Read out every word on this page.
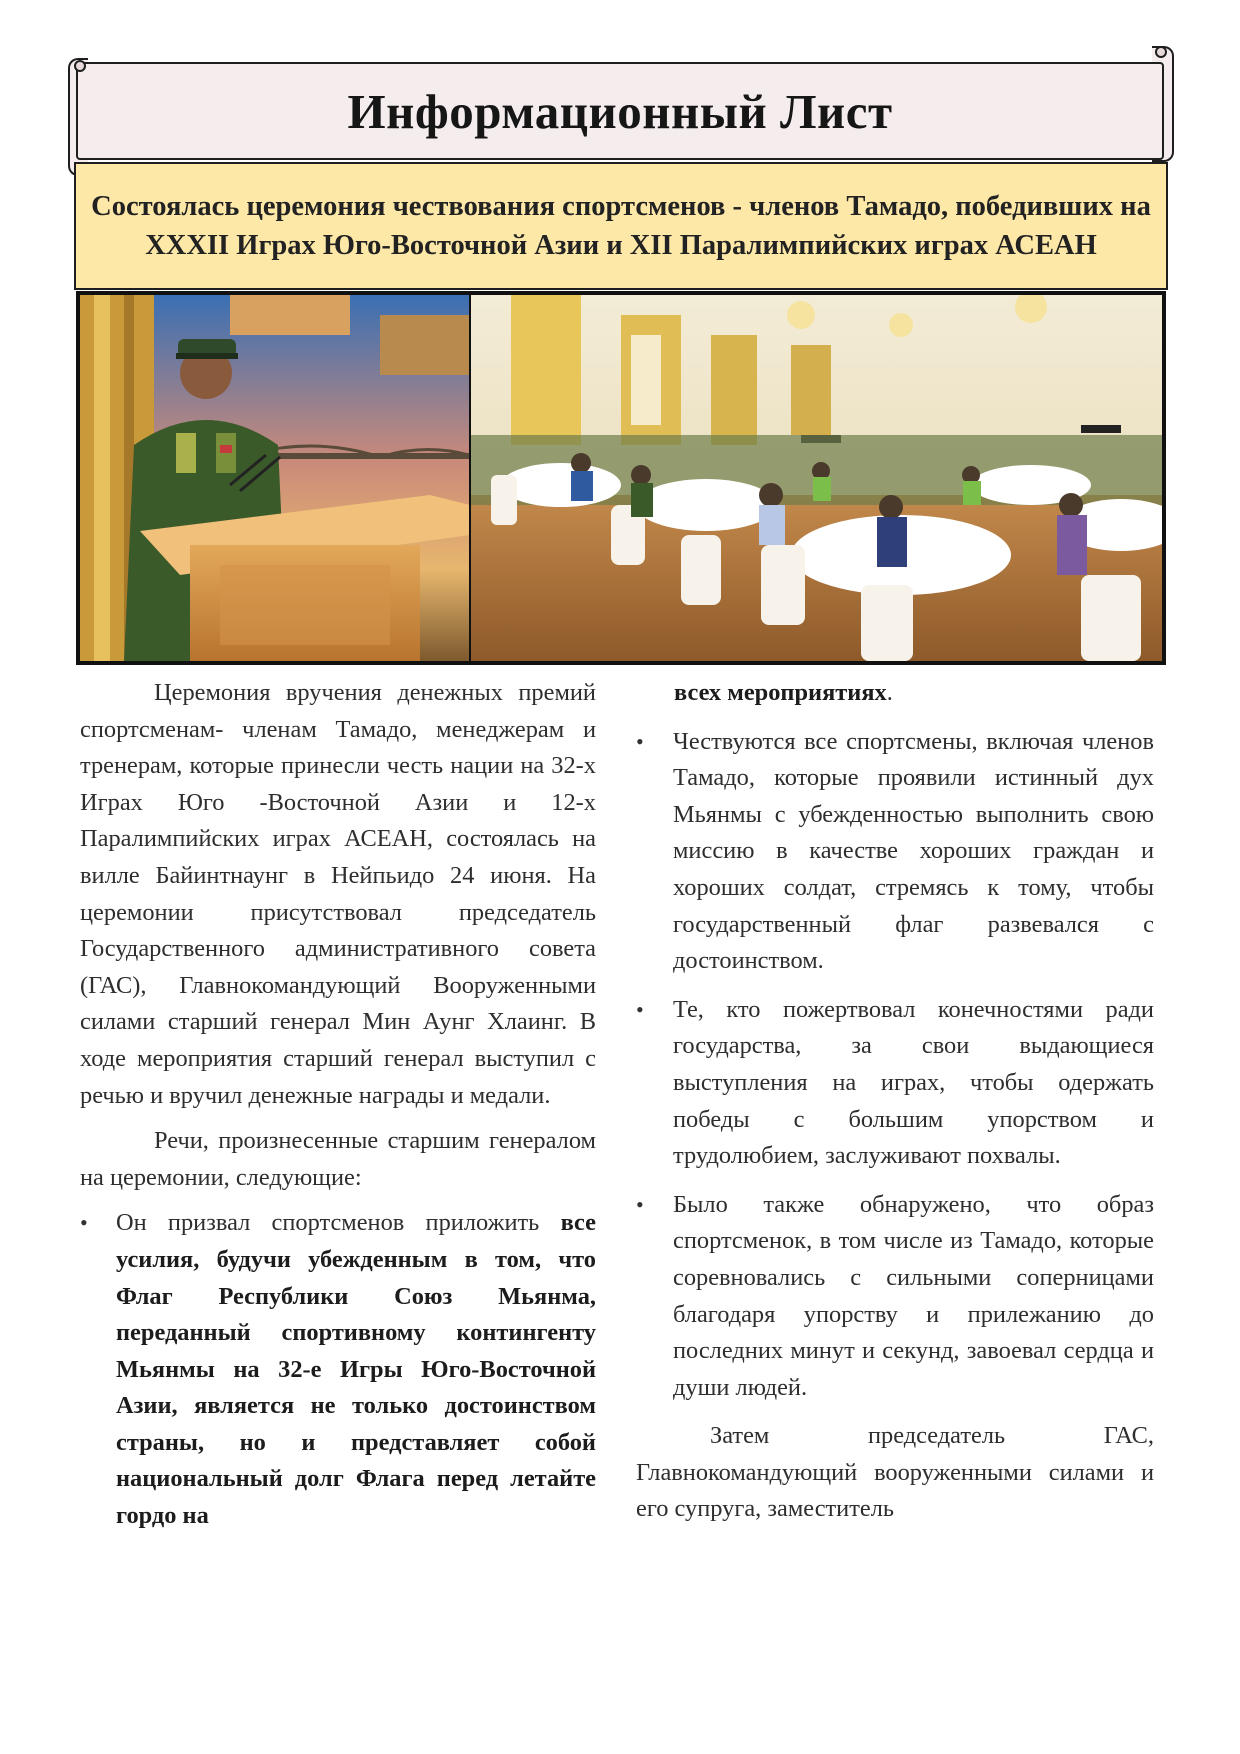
Информационный Лист
Состоялась церемония чествования спортсменов - членов Тамадо, победивших на XXXII Играх Юго-Восточной Азии и XII Паралимпийских играх АСЕАН

Церемония вручения денежных премий спортсменам- членам Тамадо, менеджерам и тренерам, которые принесли честь нации на 32-х Играх Юго -Восточной Азии и 12-х Паралимпийских играх АСЕАН, состоялась на вилле Байинтнаунг в Нейпьидо 24 июня. На церемонии присутствовал председатель Государственного административного совета (ГАС), Главнокомандующий Вооруженными силами старший генерал Мин Аунг Хлаинг. В ходе мероприятия старший генерал выступил с речью и вручил денежные награды и медали.

Речи, произнесенные старшим генералом на церемонии, следующие:

• Он призвал спортсменов приложить все усилия, будучи убежденным в том, что Флаг Республики Союз Мьянма, переданный спортивному контингенту Мьянмы на 32-е Игры Юго-Восточной Азии, является не только достоинством страны, но и представляет собой национальный долг Флага перед летайте гордо на

всех мероприятиях.

• Чествуются все спортсмены, включая членов Тамадо, которые проявили истинный дух Мьянмы с убежденностью выполнить свою миссию в качестве хороших граждан и хороших солдат, стремясь к тому, чтобы государственный флаг развевался с достоинством.
• Те, кто пожертвовал конечностями ради государства, за свои выдающиеся выступления на играх, чтобы одержать победы с большим упорством и трудолюбием, заслуживают похвалы.
• Было также обнаружено, что образ спортсменок, в том числе из Тамадо, которые соревновались с сильными соперницами благодаря упорству и прилежанию до последних минут и секунд, завоевал сердца и души людей.

Затем председатель ГАС, Главнокомандующий вооруженными силами и его супруга, заместитель
